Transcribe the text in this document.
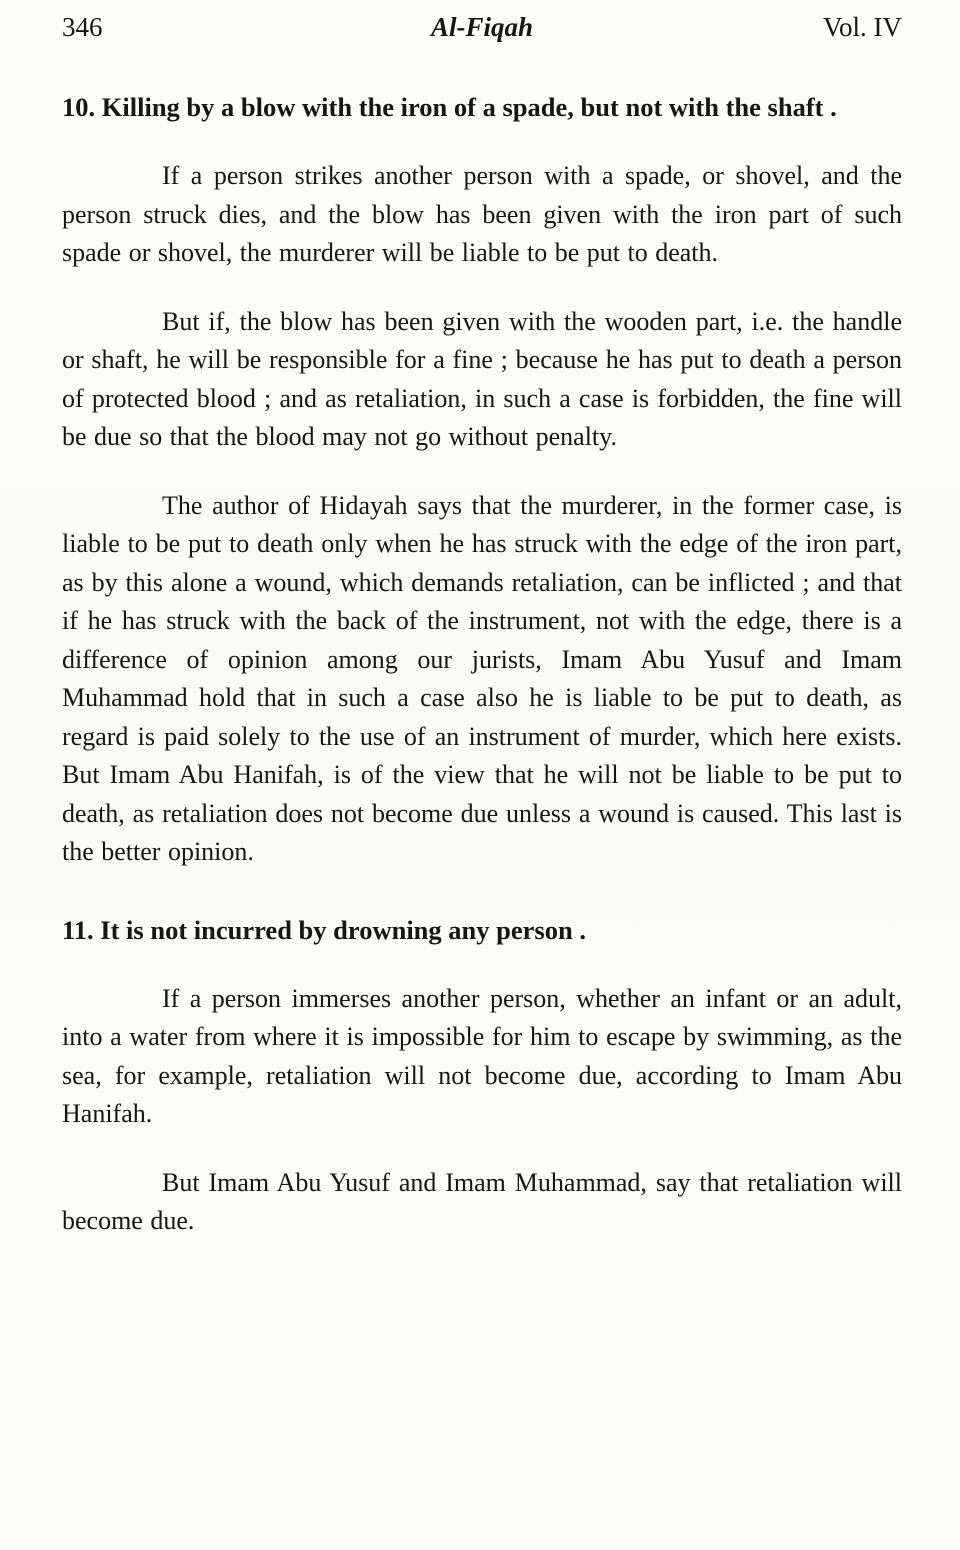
346	Al-Fiqah	Vol. IV
10. Killing by a blow with the iron of a spade, but not with the shaft .

If a person strikes another person with a spade, or shovel, and the person struck dies, and the blow has been given with the iron part of such spade or shovel, the murderer will be liable to be put to death.

But if, the blow has been given with the wooden part, i.e. the handle or shaft, he will be responsible for a fine ; because he has put to death a person of protected blood ; and as retaliation, in such a case is forbidden, the fine will be due so that the blood may not go without penalty.

The author of Hidayah says that the murderer, in the former case, is liable to be put to death only when he has struck with the edge of the iron part, as by this alone a wound, which demands retaliation, can be inflicted ; and that if he has struck with the back of the instrument, not with the edge, there is a difference of opinion among our jurists, Imam Abu Yusuf and Imam Muhammad hold that in such a case also he is liable to be put to death, as regard is paid solely to the use of an instrument of murder, which here exists. But Imam Abu Hanifah, is of the view that he will not be liable to be put to death, as retaliation does not become due unless a wound is caused. This last is the better opinion.

11. It is not incurred by drowning any person .

If a person immerses another person, whether an infant or an adult, into a water from where it is impossible for him to escape by swimming, as the sea, for example, retaliation will not become due, according to Imam Abu Hanifah.

But Imam Abu Yusuf and Imam Muhammad, say that retaliation will become due.
